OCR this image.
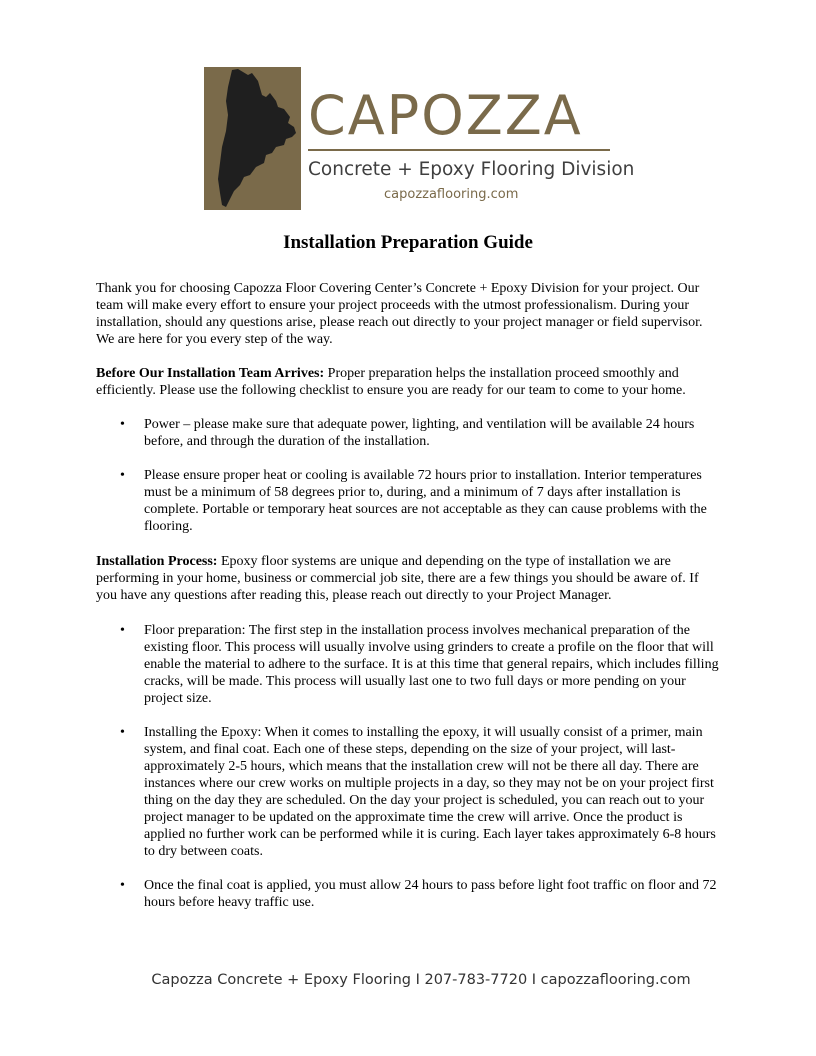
CAPOZZA
Concrete + Epoxy Flooring Division
capozzaflooring.com
Installation Preparation Guide

Thank you for choosing Capozza Floor Covering Center’s Concrete + Epoxy Division for your project. Our team will make every effort to ensure your project proceeds with the utmost professionalism. During your installation, should any questions arise, please reach out directly to your project manager or field supervisor. We are here for you every step of the way.

Before Our Installation Team Arrives: Proper preparation helps the installation proceed smoothly and efficiently. Please use the following checklist to ensure you are ready for our team to come to your home.

• Power – please make sure that adequate power, lighting, and ventilation will be available 24 hours before, and through the duration of the installation.
• Please ensure proper heat or cooling is available 72 hours prior to installation. Interior temperatures must be a minimum of 58 degrees prior to, during, and a minimum of 7 days after installation is complete. Portable or temporary heat sources are not acceptable as they can cause problems with the flooring.

Installation Process: Epoxy floor systems are unique and depending on the type of installation we are performing in your home, business or commercial job site, there are a few things you should be aware of. If you have any questions after reading this, please reach out directly to your Project Manager.

• Floor preparation: The first step in the installation process involves mechanical preparation of the existing floor. This process will usually involve using grinders to create a profile on the floor that will enable the material to adhere to the surface. It is at this time that general repairs, which includes filling cracks, will be made. This process will usually last one to two full days or more pending on your project size.
• Installing the Epoxy: When it comes to installing the epoxy, it will usually consist of a primer, main system, and final coat. Each one of these steps, depending on the size of your project, will last-approximately 2-5 hours, which means that the installation crew will not be there all day. There are instances where our crew works on multiple projects in a day, so they may not be on your project first thing on the day they are scheduled. On the day your project is scheduled, you can reach out to your project manager to be updated on the approximate time the crew will arrive. Once the product is applied no further work can be performed while it is curing. Each layer takes approximately 6-8 hours to dry between coats.
• Once the final coat is applied, you must allow 24 hours to pass before light foot traffic on floor and 72 hours before heavy traffic use.
Capozza Concrete + Epoxy Flooring I 207-783-7720 I capozzaflooring.com
